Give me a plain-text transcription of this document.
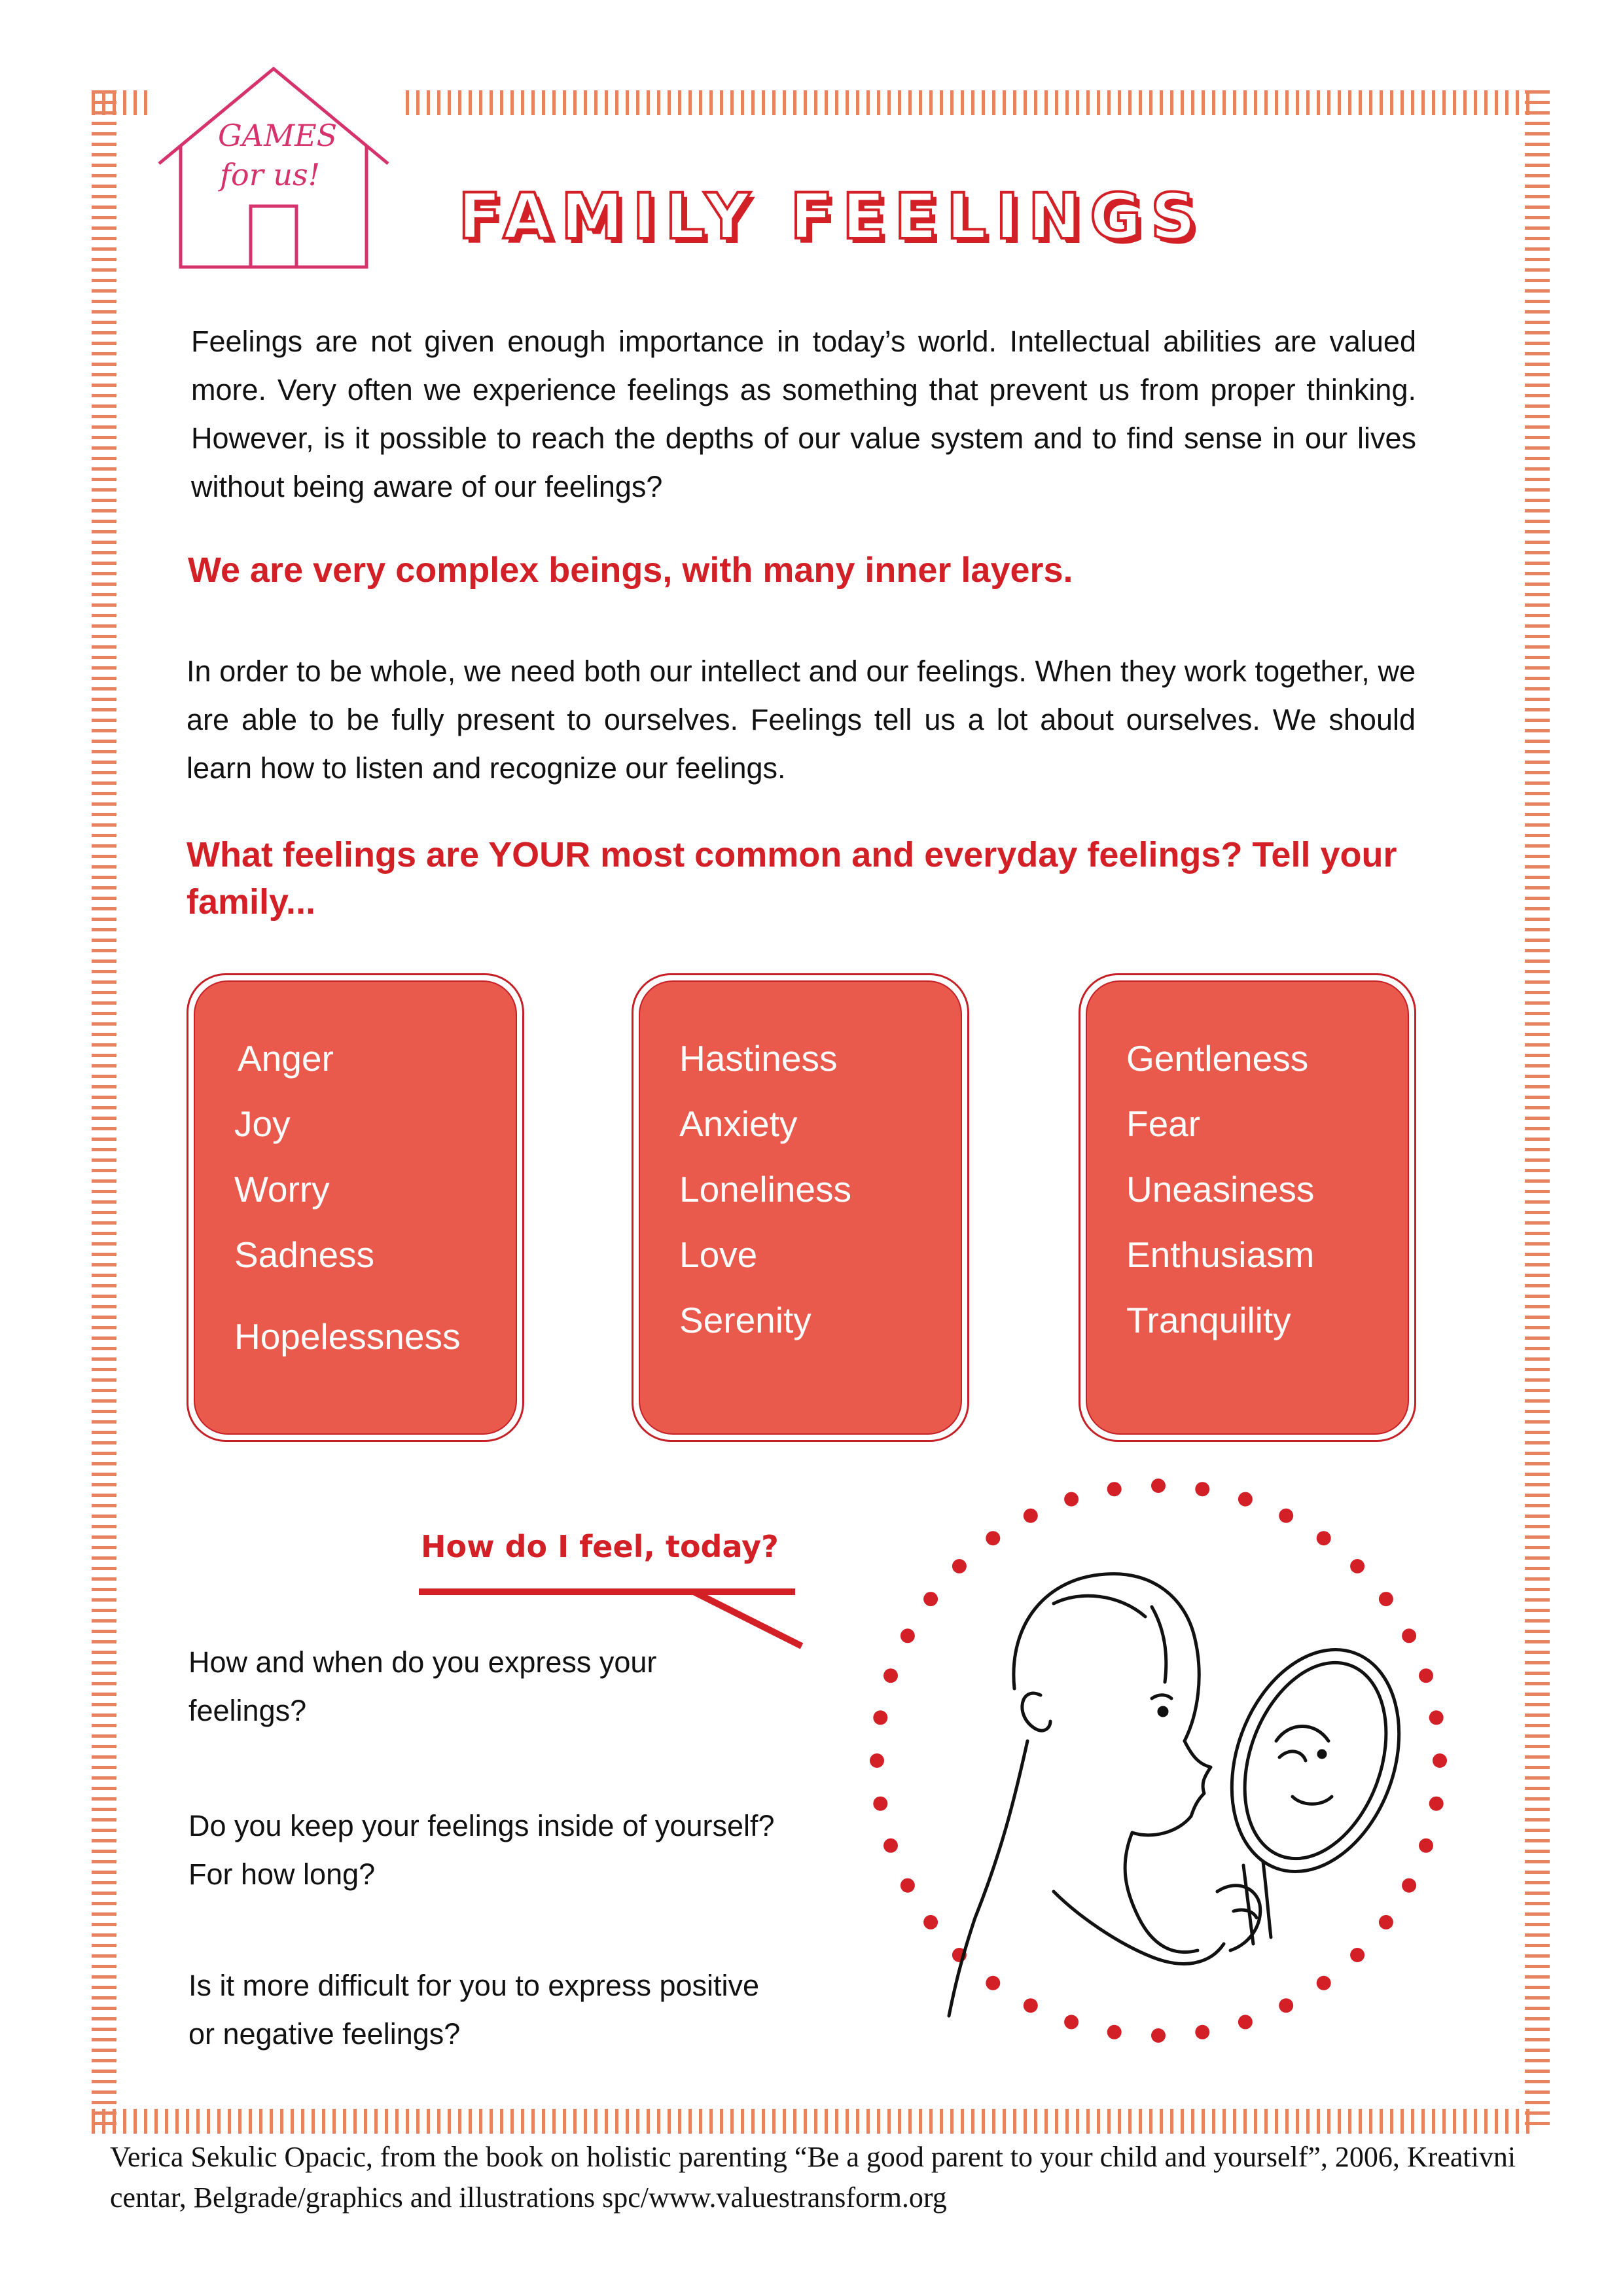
GAMES
for us!
FAMILY FEELINGS
Feelings are not given enough importance in today’s world. Intellectual abilities are valued more. Very often we experience feelings as something that prevent us from proper thinking. However, is it possible to reach the depths of our value system and to find sense in our lives without being aware of our feelings?
We are very complex beings, with many inner layers.
In order to be whole, we need both our intellect and our feelings. When they work together, we are able to be fully present to ourselves. Feelings tell us a lot about ourselves. We should learn how to listen and recognize our feelings.
What feelings are YOUR most common and everyday feelings? Tell your family...
Anger
Joy
Worry
Sadness
Hopelessness
Hastiness
Anxiety
Loneliness
Love
Serenity
Gentleness
Fear
Uneasiness
Enthusiasm
Tranquility
How do I feel, today?
How and when do you express your feelings?
Do you keep your feelings inside of yourself? For how long?
Is it more difficult for you to express positive or negative feelings?
Verica Sekulic Opacic, from the book on holistic parenting “Be a good parent to your child and yourself”, 2006, Kreativni centar, Belgrade/graphics and illustrations spc/www.valuestransform.org
